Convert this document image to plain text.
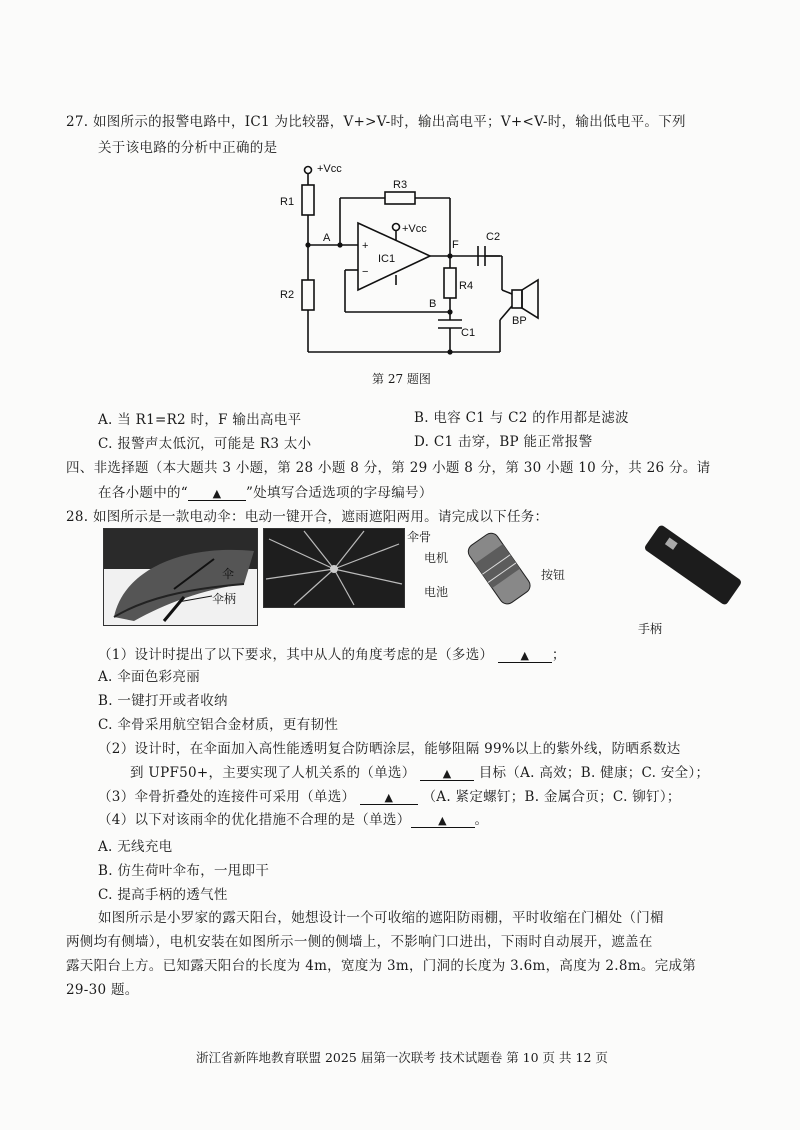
27. 如图所示的报警电路中，IC1 为比较器，V+>V-时，输出高电平；V+<V-时，输出低电平。下列
关于该电路的分析中正确的是
+Vcc
R1
R2
R3
R4
A
B
F
IC1
+
−
+Vcc
C1
C2
BP
第 27 题图
A. 当 R1=R2 时，F 输出高电平	B. 电容 C1 与 C2 的作用都是滤波
C. 报警声太低沉，可能是 R3 太小	D. C1 击穿，BP 能正常报警
四、非选择题（本大题共 3 小题，第 28 小题 8 分，第 29 小题 8 分，第 30 小题 10 分，共 26 分。请
在各小题中的“ ▲ ”处填写合适选项的字母编号）
28. 如图所示是一款电动伞：电动一键开合，遮雨遮阳两用。请完成以下任务：
伞
伞柄
伞骨
电机
电池
按钮
手柄
（1）设计时提出了以下要求，其中从人的角度考虑的是（多选） ▲ ；
A. 伞面色彩亮丽
B. 一键打开或者收纳
C. 伞骨采用航空铝合金材质，更有韧性
（2）设计时，在伞面加入高性能透明复合防晒涂层，能够阻隔 99%以上的紫外线，防晒系数达
到 UPF50+，主要实现了人机关系的（单选） ▲ 目标（A. 高效；B. 健康；C. 安全）；
（3）伞骨折叠处的连接件可采用（单选）	▲ （A. 紧定螺钉；B. 金属合页；C. 铆钉）；
（4）以下对该雨伞的优化措施不合理的是（单选）	▲ 。
A. 无线充电
B. 仿生荷叶伞布，一甩即干
C. 提高手柄的透气性
如图所示是小罗家的露天阳台，她想设计一个可收缩的遮阳防雨棚，平时收缩在门楣处（门楣
两侧均有侧墙），电机安装在如图所示一侧的侧墙上，不影响门口进出，下雨时自动展开，遮盖在
露天阳台上方。已知露天阳台的长度为 4m，宽度为 3m，门洞的长度为 3.6m，高度为 2.8m。完成第
29-30 题。
浙江省新阵地教育联盟 2025 届第一次联考 技术试题卷 第 10 页 共 12 页
